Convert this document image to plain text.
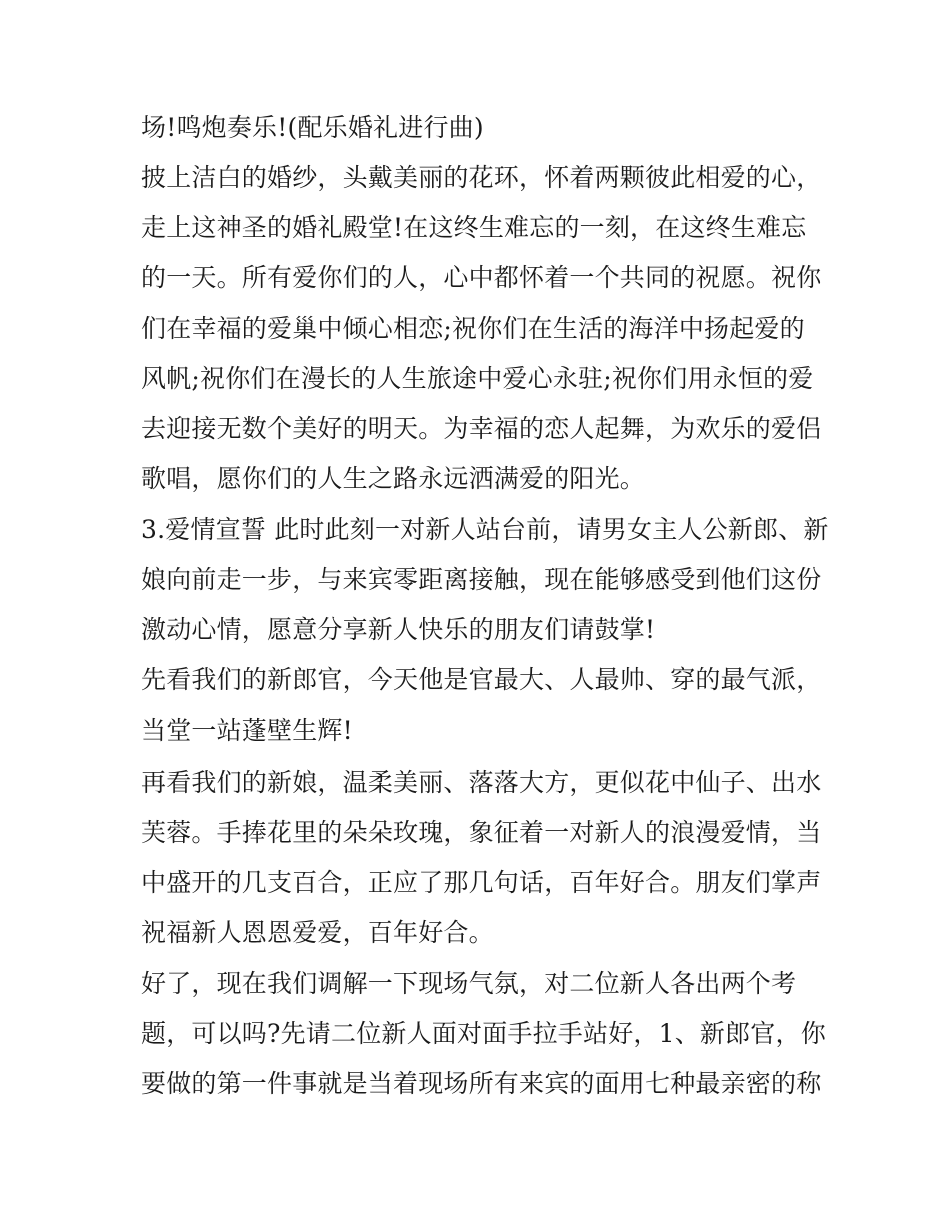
场!鸣炮奏乐!(配乐婚礼进行曲)
披上洁白的婚纱，头戴美丽的花环，怀着两颗彼此相爱的心，
走上这神圣的婚礼殿堂!在这终生难忘的一刻，在这终生难忘
的一天。所有爱你们的人，心中都怀着一个共同的祝愿。祝你
们在幸福的爱巢中倾心相恋;祝你们在生活的海洋中扬起爱的
风帆;祝你们在漫长的人生旅途中爱心永驻;祝你们用永恒的爱
去迎接无数个美好的明天。为幸福的恋人起舞，为欢乐的爱侣
歌唱，愿你们的人生之路永远洒满爱的阳光。
3.爱情宣誓 此时此刻一对新人站台前，请男女主人公新郎、新
娘向前走一步，与来宾零距离接触，现在能够感受到他们这份
激动心情，愿意分享新人快乐的朋友们请鼓掌!
先看我们的新郎官，今天他是官最大、人最帅、穿的最气派，
当堂一站蓬壁生辉!
再看我们的新娘，温柔美丽、落落大方，更似花中仙子、出水
芙蓉。手捧花里的朵朵玫瑰，象征着一对新人的浪漫爱情，当
中盛开的几支百合，正应了那几句话，百年好合。朋友们掌声
祝福新人恩恩爱爱，百年好合。
好了，现在我们调解一下现场气氛，对二位新人各出两个考
题，可以吗?先请二位新人面对面手拉手站好，1、新郎官，你
要做的第一件事就是当着现场所有来宾的面用七种最亲密的称
